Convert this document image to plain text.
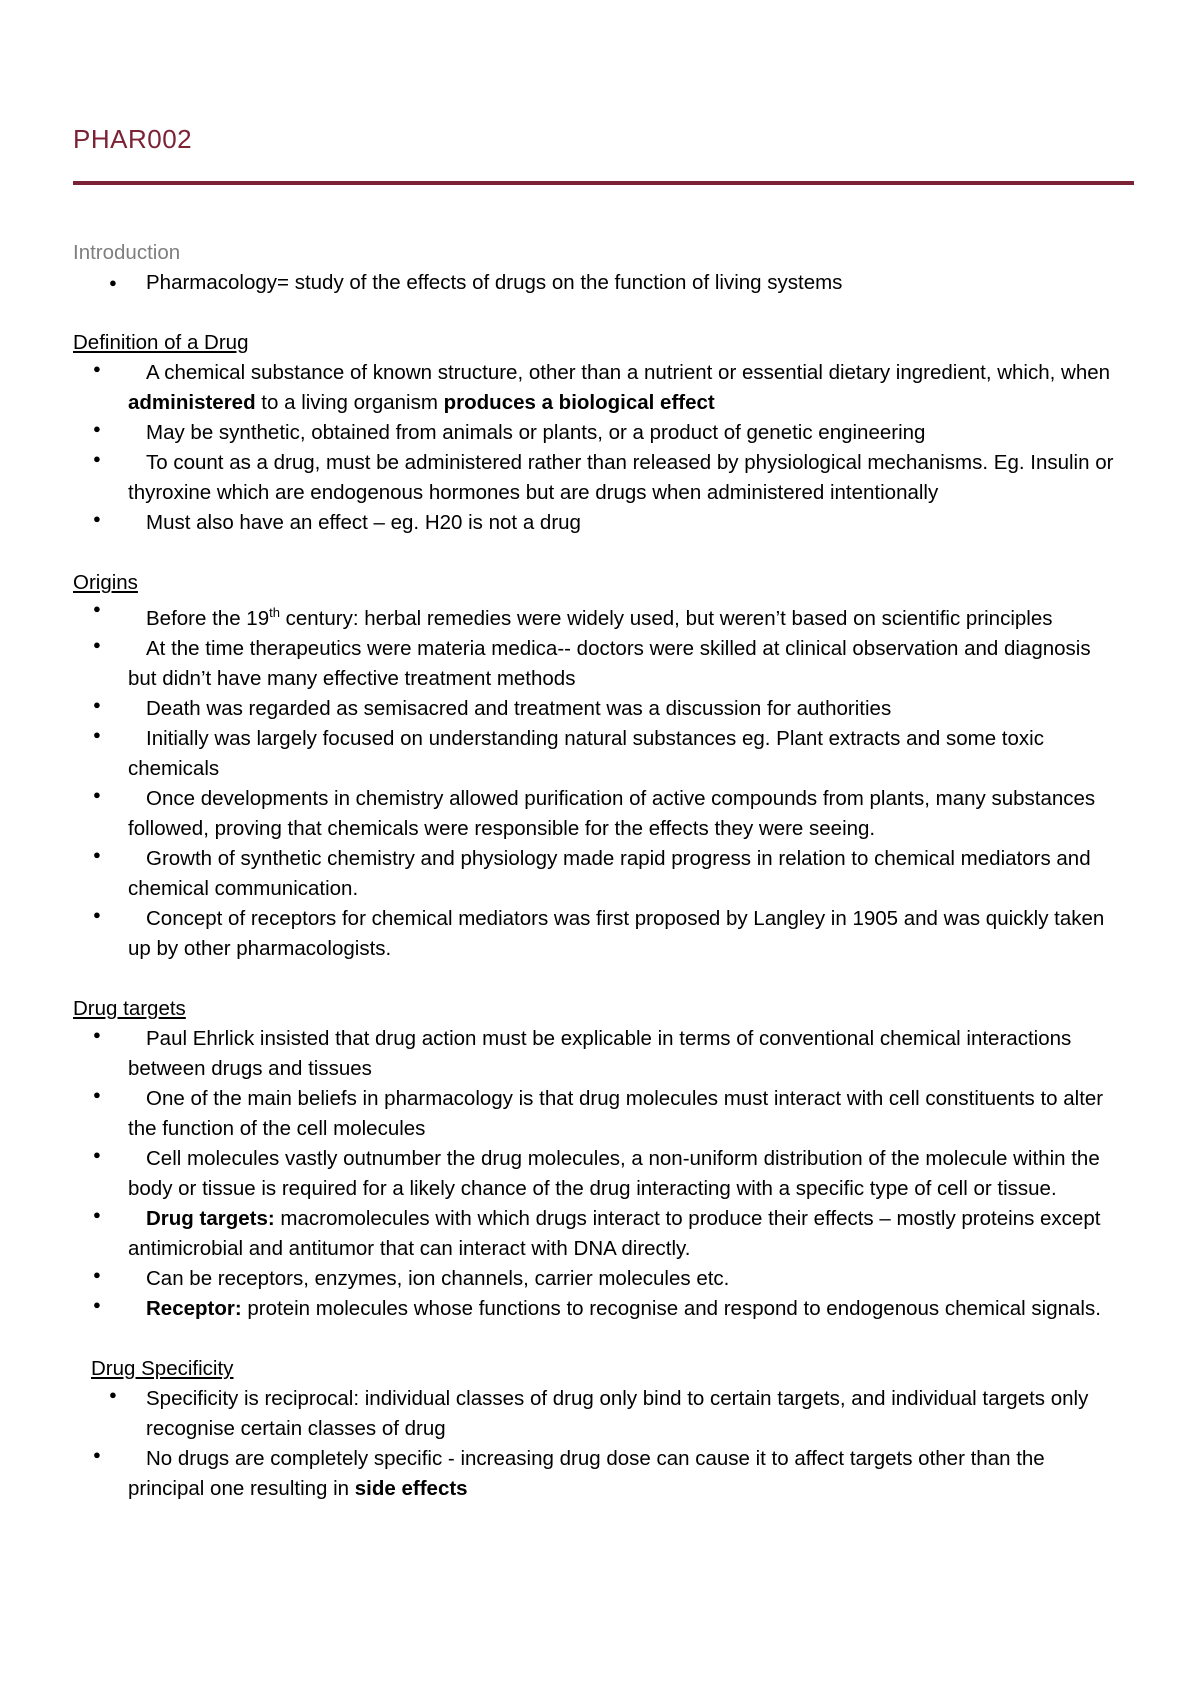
PHAR002

Introduction

● Pharmacology= study of the effects of drugs on the function of living systems

Definition of a Drug

● A chemical substance of known structure, other than a nutrient or essential dietary ingredient, which, when administered to a living organism produces a biological effect
● May be synthetic, obtained from animals or plants, or a product of genetic engineering
● To count as a drug, must be administered rather than released by physiological mechanisms. Eg. Insulin or thyroxine which are endogenous hormones but are drugs when administered intentionally
● Must also have an effect – eg. H20 is not a drug

Origins

● Before the 19th century: herbal remedies were widely used, but weren’t based on scientific principles
● At the time therapeutics were materia medica-- doctors were skilled at clinical observation and diagnosis but didn’t have many effective treatment methods
● Death was regarded as semisacred and treatment was a discussion for authorities
● Initially was largely focused on understanding natural substances eg. Plant extracts and some toxic chemicals
● Once developments in chemistry allowed purification of active compounds from plants, many substances followed, proving that chemicals were responsible for the effects they were seeing.
● Growth of synthetic chemistry and physiology made rapid progress in relation to chemical mediators and chemical communication.
● Concept of receptors for chemical mediators was first proposed by Langley in 1905 and was quickly taken up by other pharmacologists.

Drug targets

● Paul Ehrlick insisted that drug action must be explicable in terms of conventional chemical interactions between drugs and tissues
● One of the main beliefs in pharmacology is that drug molecules must interact with cell constituents to alter the function of the cell molecules
● Cell molecules vastly outnumber the drug molecules, a non-uniform distribution of the molecule within the body or tissue is required for a likely chance of the drug interacting with a specific type of cell or tissue.
● Drug targets: macromolecules with which drugs interact to produce their effects – mostly proteins except antimicrobial and antitumor that can interact with DNA directly.
● Can be receptors, enzymes, ion channels, carrier molecules etc.
● Receptor: protein molecules whose functions to recognise and respond to endogenous chemical signals.

Drug Specificity

● Specificity is reciprocal: individual classes of drug only bind to certain targets, and individual targets only recognise certain classes of drug
● No drugs are completely specific - increasing drug dose can cause it to affect targets other than the principal one resulting in side effects
